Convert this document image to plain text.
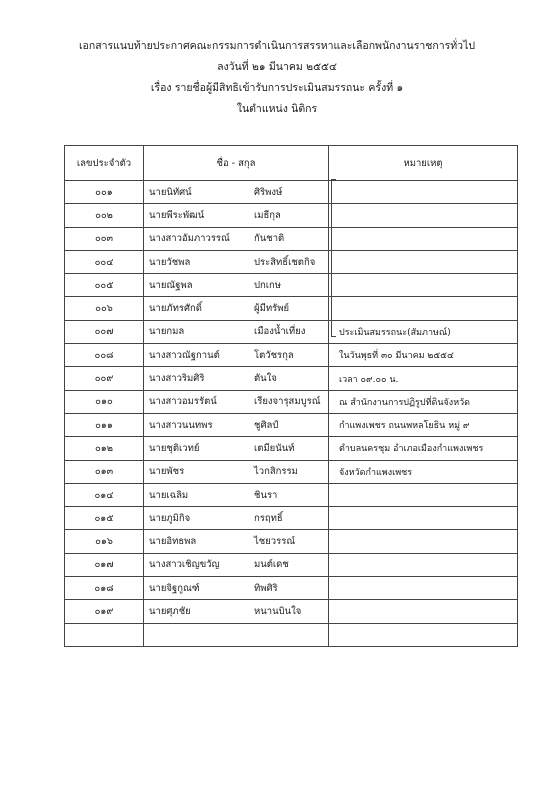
เอกสารแนบท้ายประกาศคณะกรรมการดำเนินการสรรหาและเลือกพนักงานราชการทั่วไป
ลงวันที่ ๒๑ มีนาคม ๒๕๕๔
เรื่อง รายชื่อผู้มีสิทธิเข้ารับการประเมินสมรรถนะ ครั้งที่ ๑
ในตำแหน่ง นิติกร
เลขประจำตัว	ชื่อ - สกุล	หมายเหตุ
๐๐๑	นายนิทัศน์ ศิริพงษ์	

๐๐๒	นายพีระพัฒน์ เมธีกุล	

๐๐๓	นางสาวอัมภาวรรณ์ กันชาติ	

๐๐๔	นายวัชพล ประสิทธิ์เชตกิจ	

๐๐๕	นายณัฐพล ปกเกษ	

๐๐๖	นายภัทรศักดิ์ ผู้มีทรัพย์	

๐๐๗	นายกมล เมืองน้ำเที่ยง	ประเมินสมรรถนะ(สัมภาษณ์)
๐๐๘	นางสาวณัฐกานต์ โตวัชรกุล	ในวันพุธที่ ๓๐ มีนาคม ๒๕๕๔
๐๐๙	นางสาวริมศิริ ตันใจ	เวลา ๐๙.๐๐ น.
๐๑๐	นางสาวอมรรัตน์ เรียงจารุสมบูรณ์	ณ สำนักงานการปฏิรูปที่ดินจังหวัด
๐๑๑	นางสาวนนทพร ชูศิลป์	กำแพงเพชร ถนนพหลโยธิน หมู่ ๙
๐๑๒	นายชุติเวทย์ เตมียนันท์	ตำบลนครชุม อำเภอเมืองกำแพงเพชร
๐๑๓	นายพัชร ไวกสิกรรม	จังหวัดกำแพงเพชร
๐๑๔	นายเฉลิม ชินรา	

๐๑๕	นายภูมิกิจ กรฤทธิ์	

๐๑๖	นายอิทธพล ไชยวรรณ์	

๐๑๗	นางสาวเชิญขวัญ มนต์เดช	

๐๑๘	นายจิฐกูณฑ์ ทิพศิริ	

๐๑๙	นายศุภชัย หนานบินใจ	
